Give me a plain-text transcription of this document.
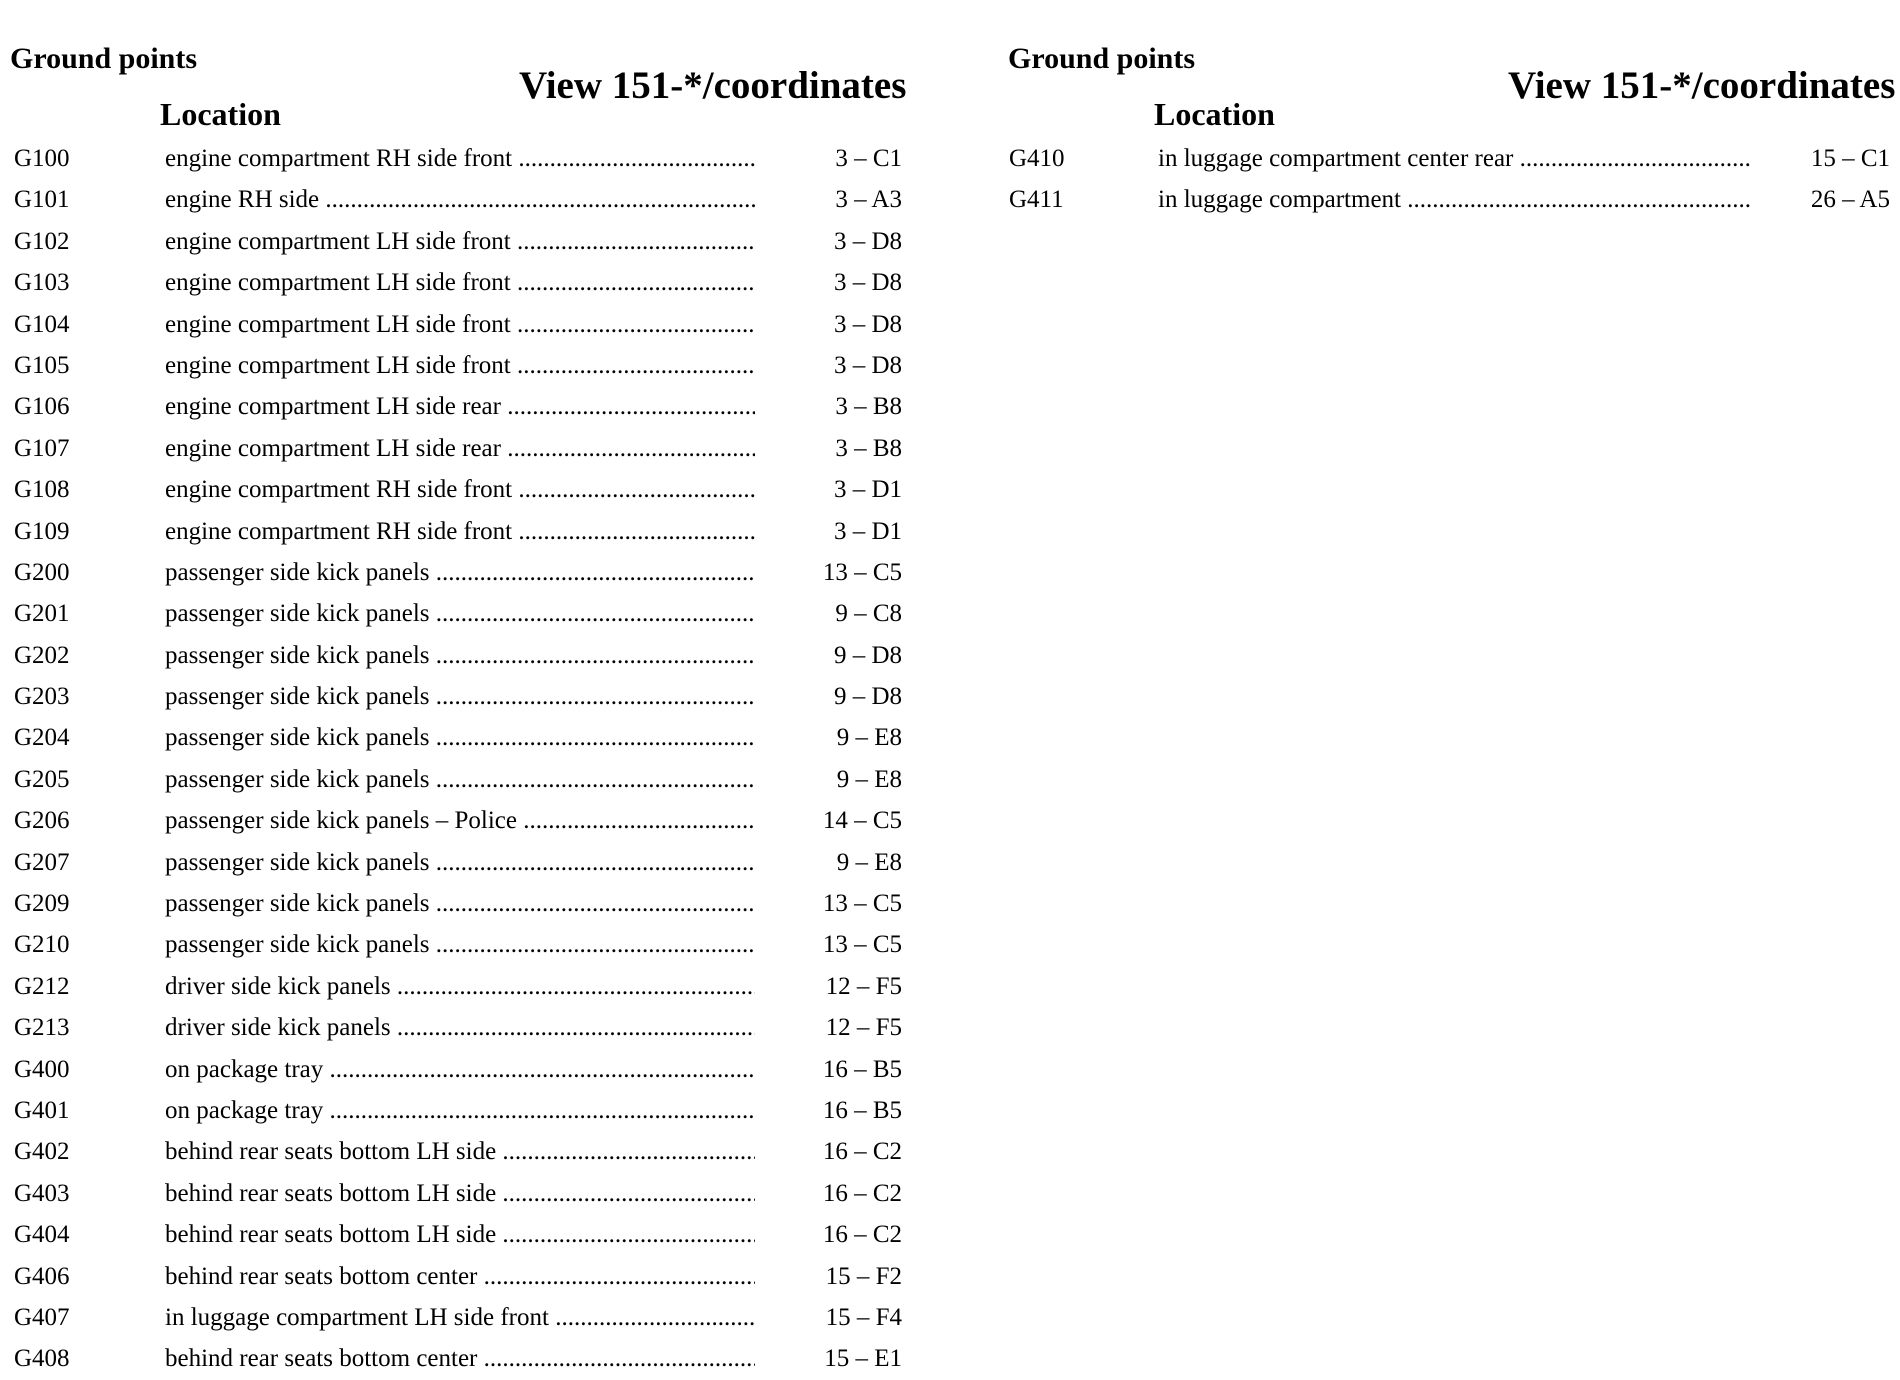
Ground points
View 151-*/coordinates
Location
G100	engine compartment RH side front .....	3 – C1
G101	engine RH side .....	3 – A3
G102	engine compartment LH side front .....	3 – D8
G103	engine compartment LH side front .....	3 – D8
G104	engine compartment LH side front .....	3 – D8
G105	engine compartment LH side front .....	3 – D8
G106	engine compartment LH side rear .....	3 – B8
G107	engine compartment LH side rear .....	3 – B8
G108	engine compartment RH side front .....	3 – D1
G109	engine compartment RH side front .....	3 – D1
G200	passenger side kick panels .....	13 – C5
G201	passenger side kick panels .....	9 – C8
G202	passenger side kick panels .....	9 – D8
G203	passenger side kick panels .....	9 – D8
G204	passenger side kick panels .....	9 – E8
G205	passenger side kick panels .....	9 – E8
G206	passenger side kick panels – Police .....	14 – C5
G207	passenger side kick panels .....	9 – E8
G209	passenger side kick panels .....	13 – C5
G210	passenger side kick panels .....	13 – C5
G212	driver side kick panels .....	12 – F5
G213	driver side kick panels .....	12 – F5
G400	on package tray .....	16 – B5
G401	on package tray .....	16 – B5
G402	behind rear seats bottom LH side .....	16 – C2
G403	behind rear seats bottom LH side .....	16 – C2
G404	behind rear seats bottom LH side .....	16 – C2
G406	behind rear seats bottom center .....	15 – F2
G407	in luggage compartment LH side front .....	15 – F4
G408	behind rear seats bottom center .....	15 – E1
Ground points
View 151-*/coordinates
Location
G410	in luggage compartment center rear .....	15 – C1
G411	in luggage compartment .....	26 – A5
